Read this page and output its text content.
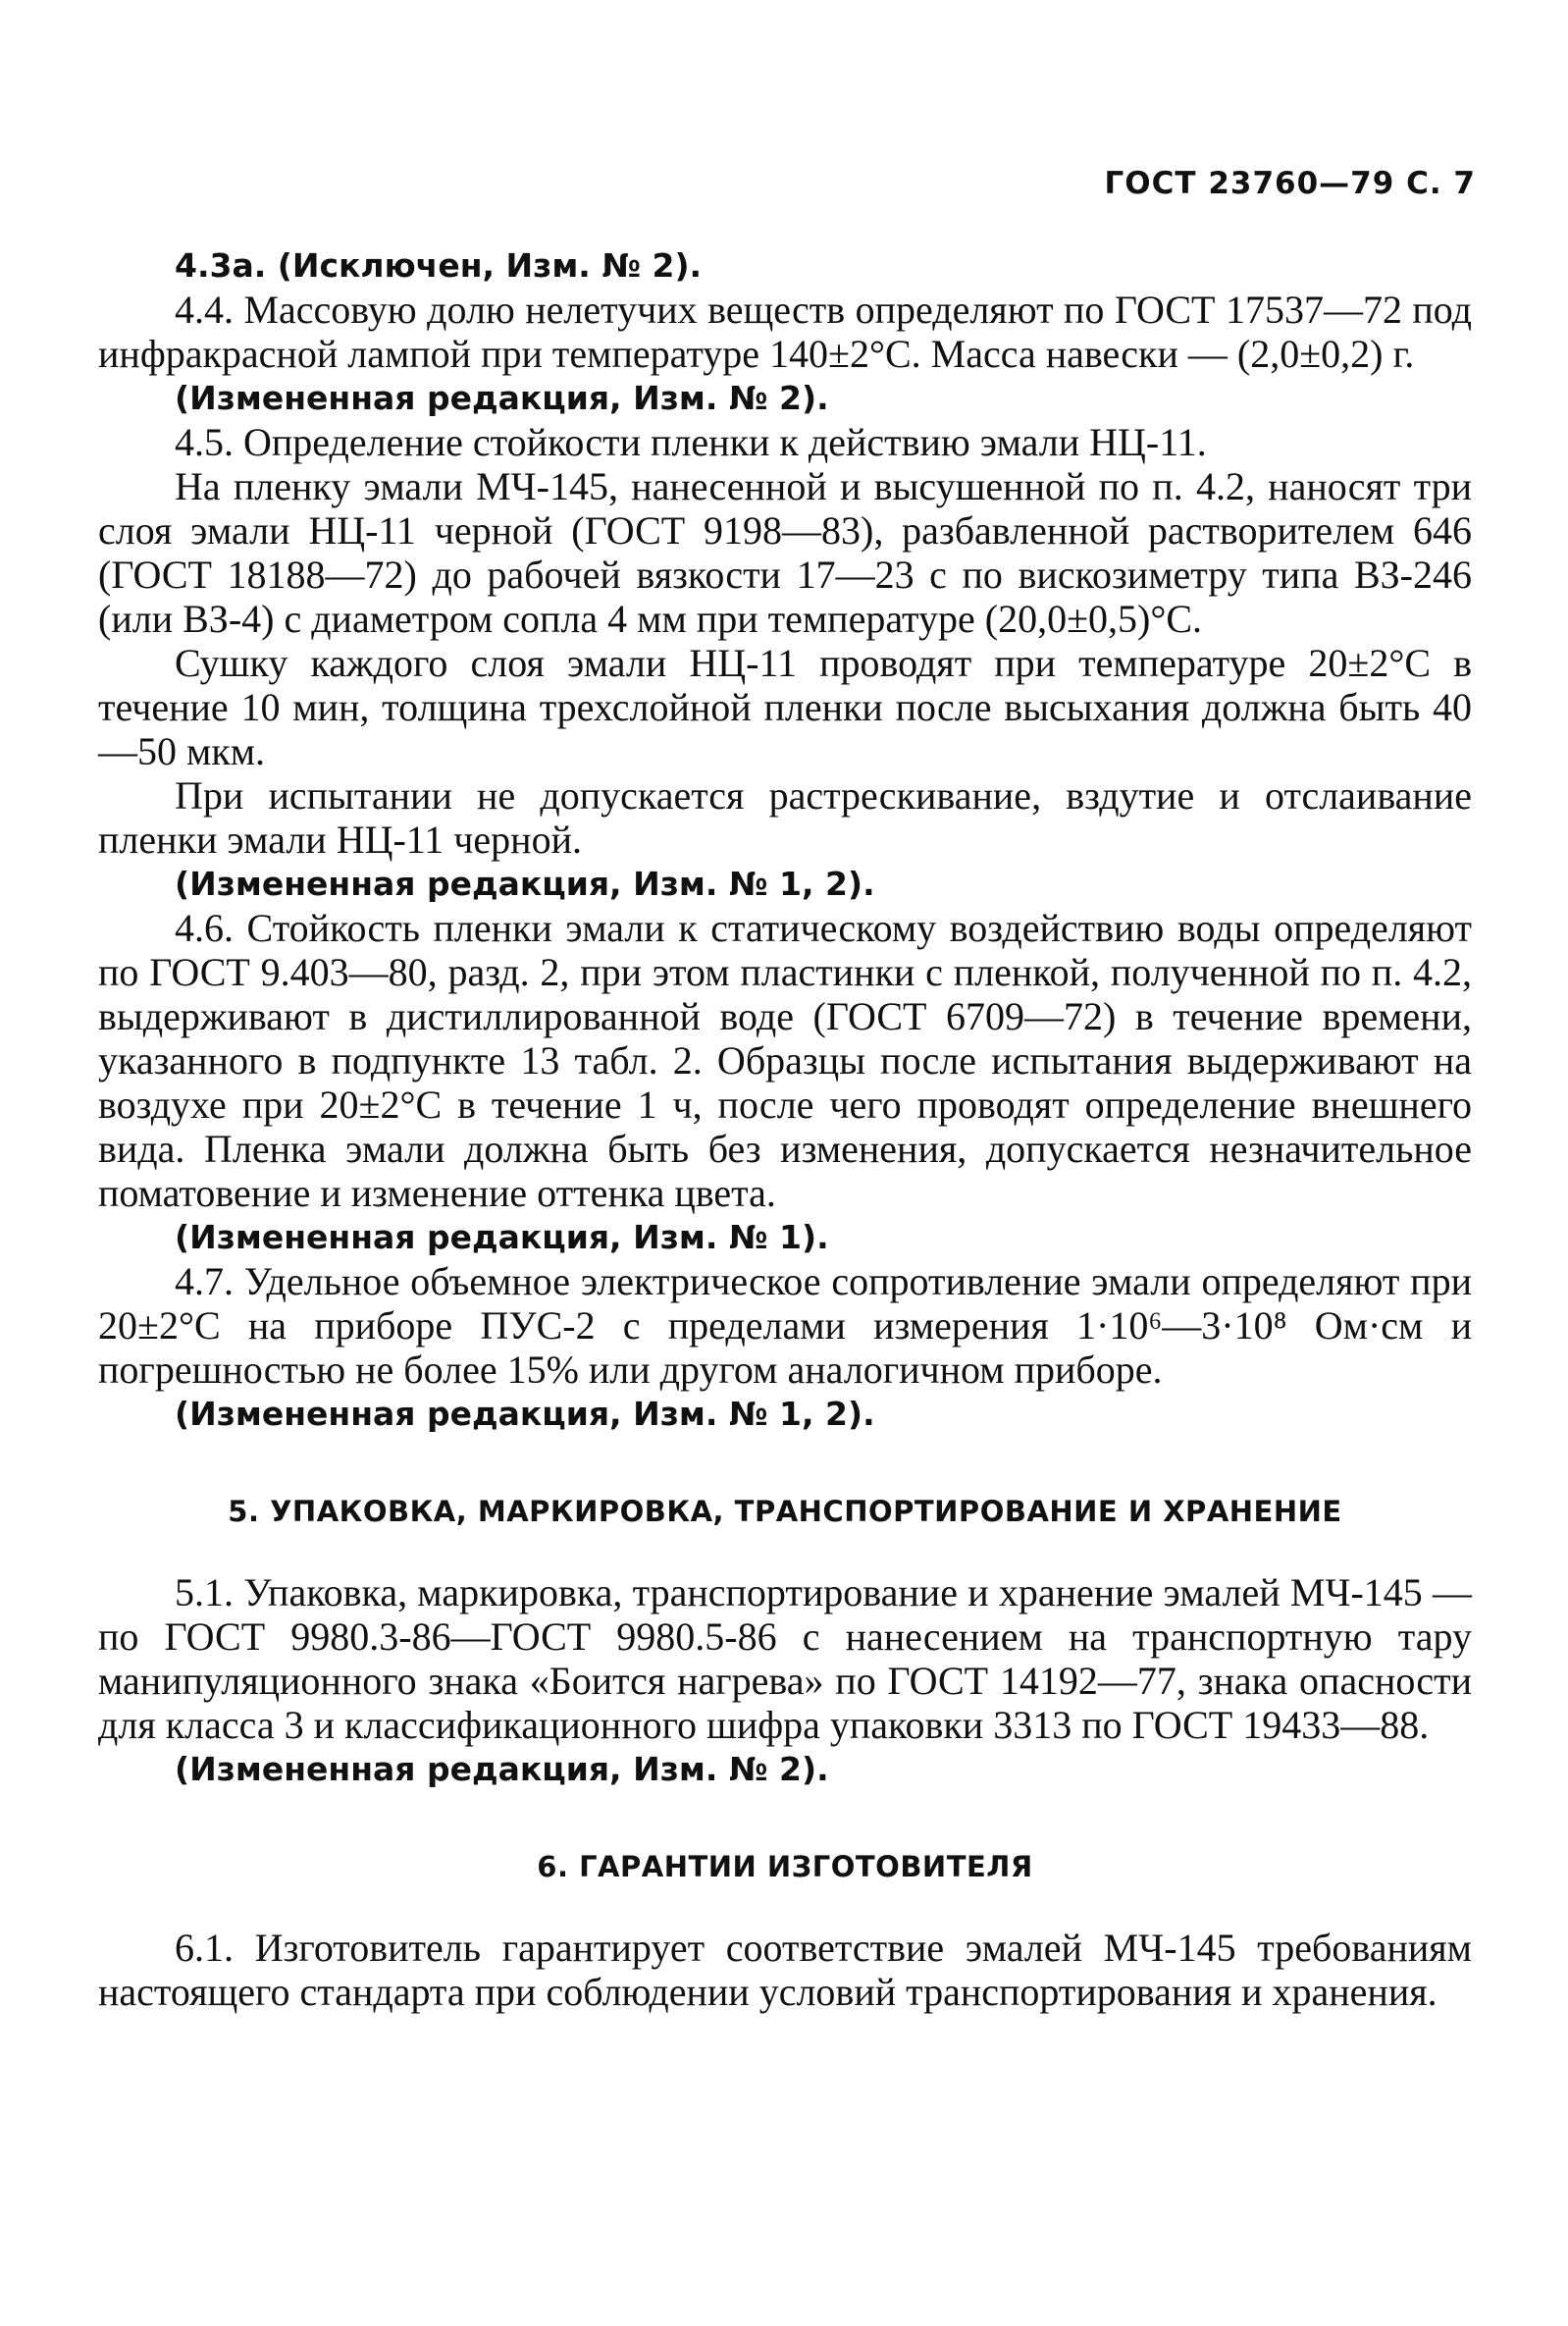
ГОСТ 23760—79 С. 7

4.3а. (Исключен, Изм. № 2).

4.4. Массовую долю нелетучих веществ определяют по ГОСТ 17537—72 под инфракрасной лампой при температуре 140±2°С. Масса навески — (2,0±0,2) г.

(Измененная редакция, Изм. № 2).

4.5. Определение стойкости пленки к действию эмали НЦ-11.

На пленку эмали МЧ-145, нанесенной и высушенной по п. 4.2, наносят три слоя эмали НЦ-11 черной (ГОСТ 9198—83), разбавленной растворителем 646 (ГОСТ 18188—72) до рабочей вязкости 17—23 с по вискозиметру типа ВЗ-246 (или ВЗ-4) с диаметром сопла 4 мм при температуре (20,0±0,5)°С.

Сушку каждого слоя эмали НЦ-11 проводят при температуре 20±2°С в течение 10 мин, толщина трехслойной пленки после высыхания должна быть 40—50 мкм.

При испытании не допускается растрескивание, вздутие и отслаивание пленки эмали НЦ-11 черной.

(Измененная редакция, Изм. № 1, 2).

4.6. Стойкость пленки эмали к статическому воздействию воды определяют по ГОСТ 9.403—80, разд. 2, при этом пластинки с пленкой, полученной по п. 4.2, выдерживают в дистиллированной воде (ГОСТ 6709—72) в течение времени, указанного в подпункте 13 табл. 2. Образцы после испытания выдерживают на воздухе при 20±2°С в течение 1 ч, после чего проводят определение внешнего вида. Пленка эмали должна быть без изменения, допускается незначительное поматовение и изменение оттенка цвета.

(Измененная редакция, Изм. № 1).

4.7. Удельное объемное электрическое сопротивление эмали определяют при 20±2°С на приборе ПУС-2 с пределами измерения 1·10⁶—3·10⁸ Ом·см и погрешностью не более 15% или другом аналогичном приборе.

(Измененная редакция, Изм. № 1, 2).

5. УПАКОВКА, МАРКИРОВКА, ТРАНСПОРТИРОВАНИЕ И ХРАНЕНИЕ

5.1. Упаковка, маркировка, транспортирование и хранение эмалей МЧ-145 — по ГОСТ 9980.3-86—ГОСТ 9980.5-86 с нанесением на транспортную тару манипуляционного знака «Боится нагрева» по ГОСТ 14192—77, знака опасности для класса 3 и классификационного шифра упаковки 3313 по ГОСТ 19433—88.

(Измененная редакция, Изм. № 2).

6. ГАРАНТИИ ИЗГОТОВИТЕЛЯ

6.1. Изготовитель гарантирует соответствие эмалей МЧ-145 требованиям настоящего стандарта при соблюдении условий транспортирования и хранения.
